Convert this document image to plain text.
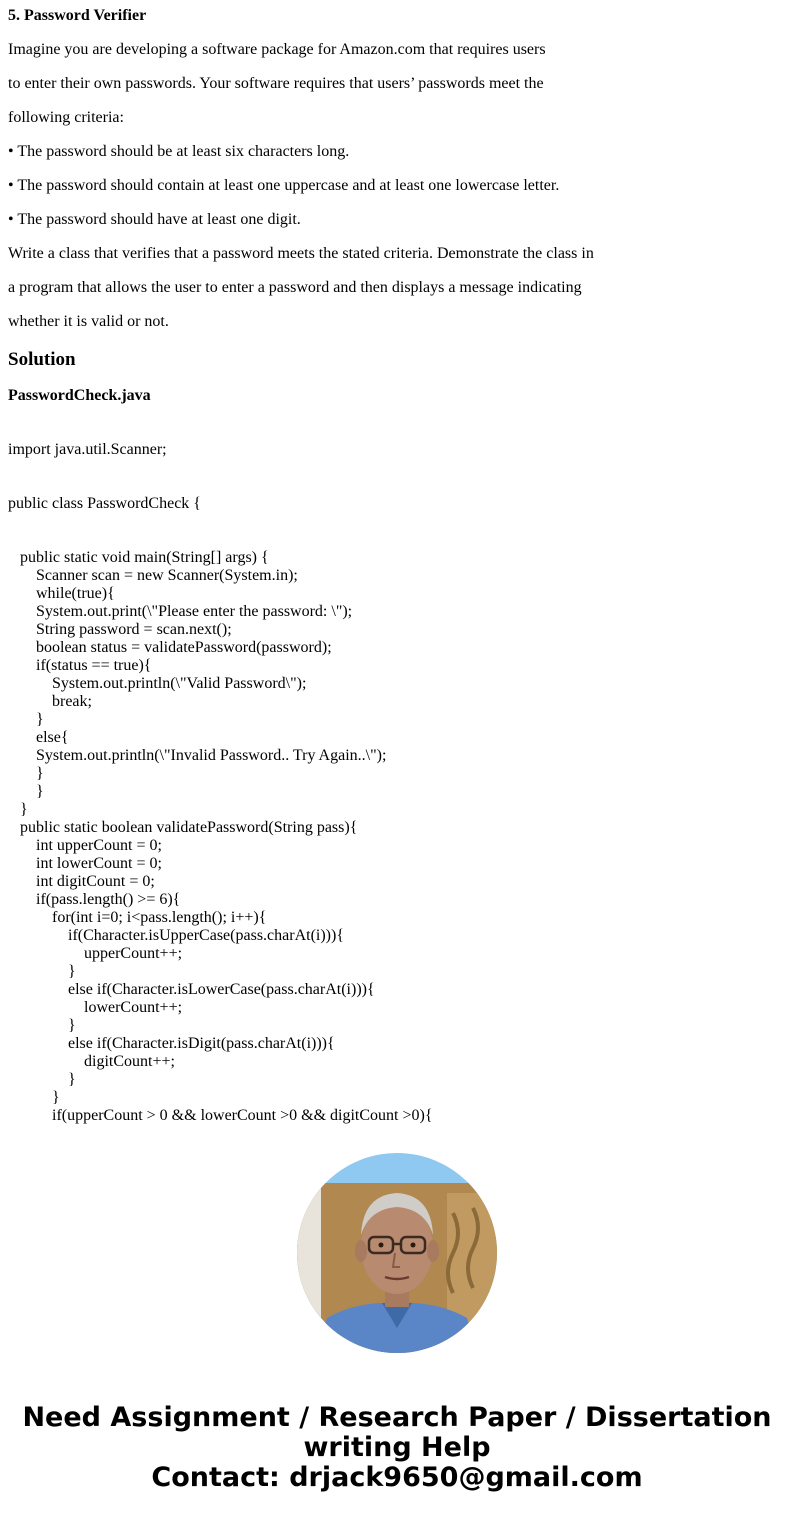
5. Password Verifier
Imagine you are developing a software package for Amazon.com that requires users
to enter their own passwords. Your software requires that users’ passwords meet the
following criteria:
• The password should be at least six characters long.
• The password should contain at least one uppercase and at least one lowercase letter.
• The password should have at least one digit.
Write a class that verifies that a password meets the stated criteria. Demonstrate the class in
a program that allows the user to enter a password and then displays a message indicating
whether it is valid or not.
Solution
PasswordCheck.java
import java.util.Scanner;
public class PasswordCheck {
public static void main(String[] args) {
Scanner scan = new Scanner(System.in);
while(true){
System.out.print(\"Please enter the password: \");
String password = scan.next();
boolean status = validatePassword(password);
if(status == true){
System.out.println(\"Valid Password\");
break;
}
else{
System.out.println(\"Invalid Password.. Try Again..\");
}
}
}
public static boolean validatePassword(String pass){
int upperCount = 0;
int lowerCount = 0;
int digitCount = 0;
if(pass.length() >= 6){
for(int i=0; i<pass.length(); i++){
if(Character.isUpperCase(pass.charAt(i))){
upperCount++;
}
else if(Character.isLowerCase(pass.charAt(i))){
lowerCount++;
}
else if(Character.isDigit(pass.charAt(i))){
digitCount++;
}
}
if(upperCount > 0 && lowerCount >0 && digitCount >0){
Need Assignment / Research Paper / Dissertation
writing Help
Contact: drjack9650@gmail.com
